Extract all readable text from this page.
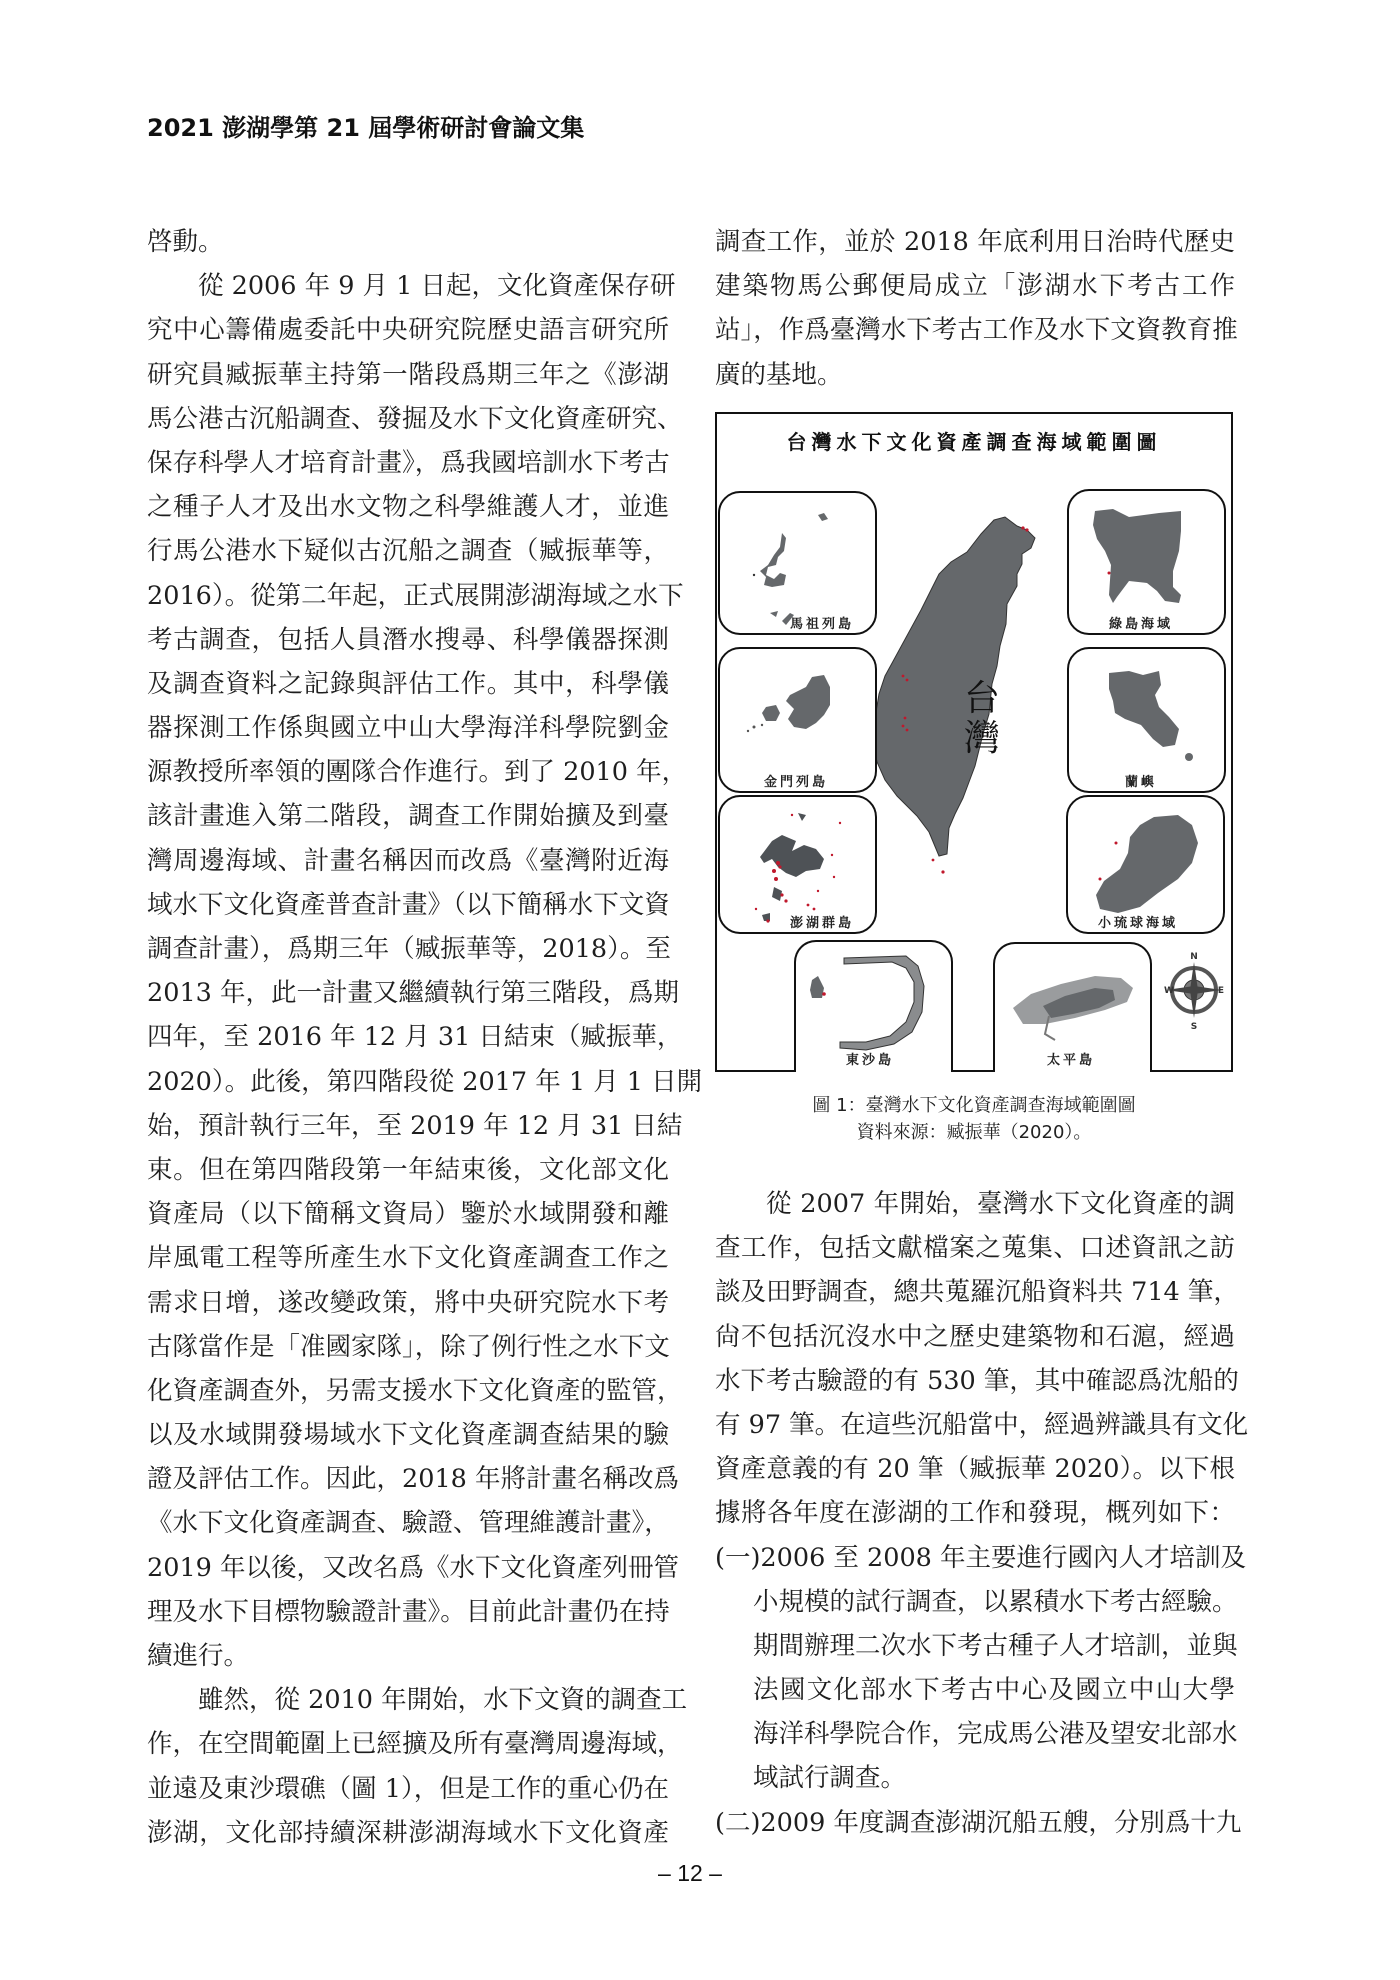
2021 澎湖學第 21 屆學術研討會論文集
啓動。
從 2006 年 9 月 1 日起，文化資產保存研
究中心籌備處委託中央研究院歷史語言研究所
研究員臧振華主持第一階段爲期三年之《澎湖
馬公港古沉船調查、發掘及水下文化資產研究、
保存科學人才培育計畫》，爲我國培訓水下考古
之種子人才及出水文物之科學維護人才，並進
行馬公港水下疑似古沉船之調查（臧振華等，
2016）。從第二年起，正式展開澎湖海域之水下
考古調查，包括人員潛水搜尋、科學儀器探測
及調查資料之記錄與評估工作。其中，科學儀
器探測工作係與國立中山大學海洋科學院劉金
源教授所率領的團隊合作進行。到了 2010 年，
該計畫進入第二階段，調查工作開始擴及到臺
灣周邊海域、計畫名稱因而改爲《臺灣附近海
域水下文化資產普查計畫》（以下簡稱水下文資
調查計畫），爲期三年（臧振華等，2018）。至
2013 年，此一計畫又繼續執行第三階段，爲期
四年，至 2016 年 12 月 31 日結束（臧振華，
2020）。此後，第四階段從 2017 年 1 月 1 日開
始，預計執行三年，至 2019 年 12 月 31 日結
束。但在第四階段第一年結束後，文化部文化
資產局（以下簡稱文資局）鑒於水域開發和離
岸風電工程等所產生水下文化資產調查工作之
需求日增，遂改變政策，將中央研究院水下考
古隊當作是「准國家隊」，除了例行性之水下文
化資產調查外，另需支援水下文化資產的監管，
以及水域開發場域水下文化資產調查結果的驗
證及評估工作。因此，2018 年將計畫名稱改爲
《水下文化資產調查、驗證、管理維護計畫》，
2019 年以後，又改名爲《水下文化資產列冊管
理及水下目標物驗證計畫》。目前此計畫仍在持
續進行。
雖然，從 2010 年開始，水下文資的調查工
作，在空間範圍上已經擴及所有臺灣周邊海域，
並遠及東沙環礁（圖 1），但是工作的重心仍在
澎湖，文化部持續深耕澎湖海域水下文化資產
調查工作，並於 2018 年底利用日治時代歷史
建築物馬公郵便局成立「澎湖水下考古工作
站」，作爲臺灣水下考古工作及水下文資教育推
廣的基地。
台灣水下文化資產調查海域範圍圖
台灣
馬祖列島	綠島海域
金門列島	蘭嶼
澎湖群島	小琉球海域
東沙島	太平島
N
S
E
W
圖 1：臺灣水下文化資產調查海域範圍圖
資料來源：臧振華（2020）。
從 2007 年開始，臺灣水下文化資產的調
查工作，包括文獻檔案之蒐集、口述資訊之訪
談及田野調查，總共蒐羅沉船資料共 714 筆，
尙不包括沉沒水中之歷史建築物和石滬，經過
水下考古驗證的有 530 筆，其中確認爲沈船的
有 97 筆。在這些沉船當中，經過辨識具有文化
資產意義的有 20 筆（臧振華 2020）。以下根
據將各年度在澎湖的工作和發現，概列如下：
(一)2006 至 2008 年主要進行國內人才培訓及
小規模的試行調查，以累積水下考古經驗。
期間辦理二次水下考古種子人才培訓，並與
法國文化部水下考古中心及國立中山大學
海洋科學院合作，完成馬公港及望安北部水
域試行調查。
(二)2009 年度調查澎湖沉船五艘，分別爲十九
– 12 –
